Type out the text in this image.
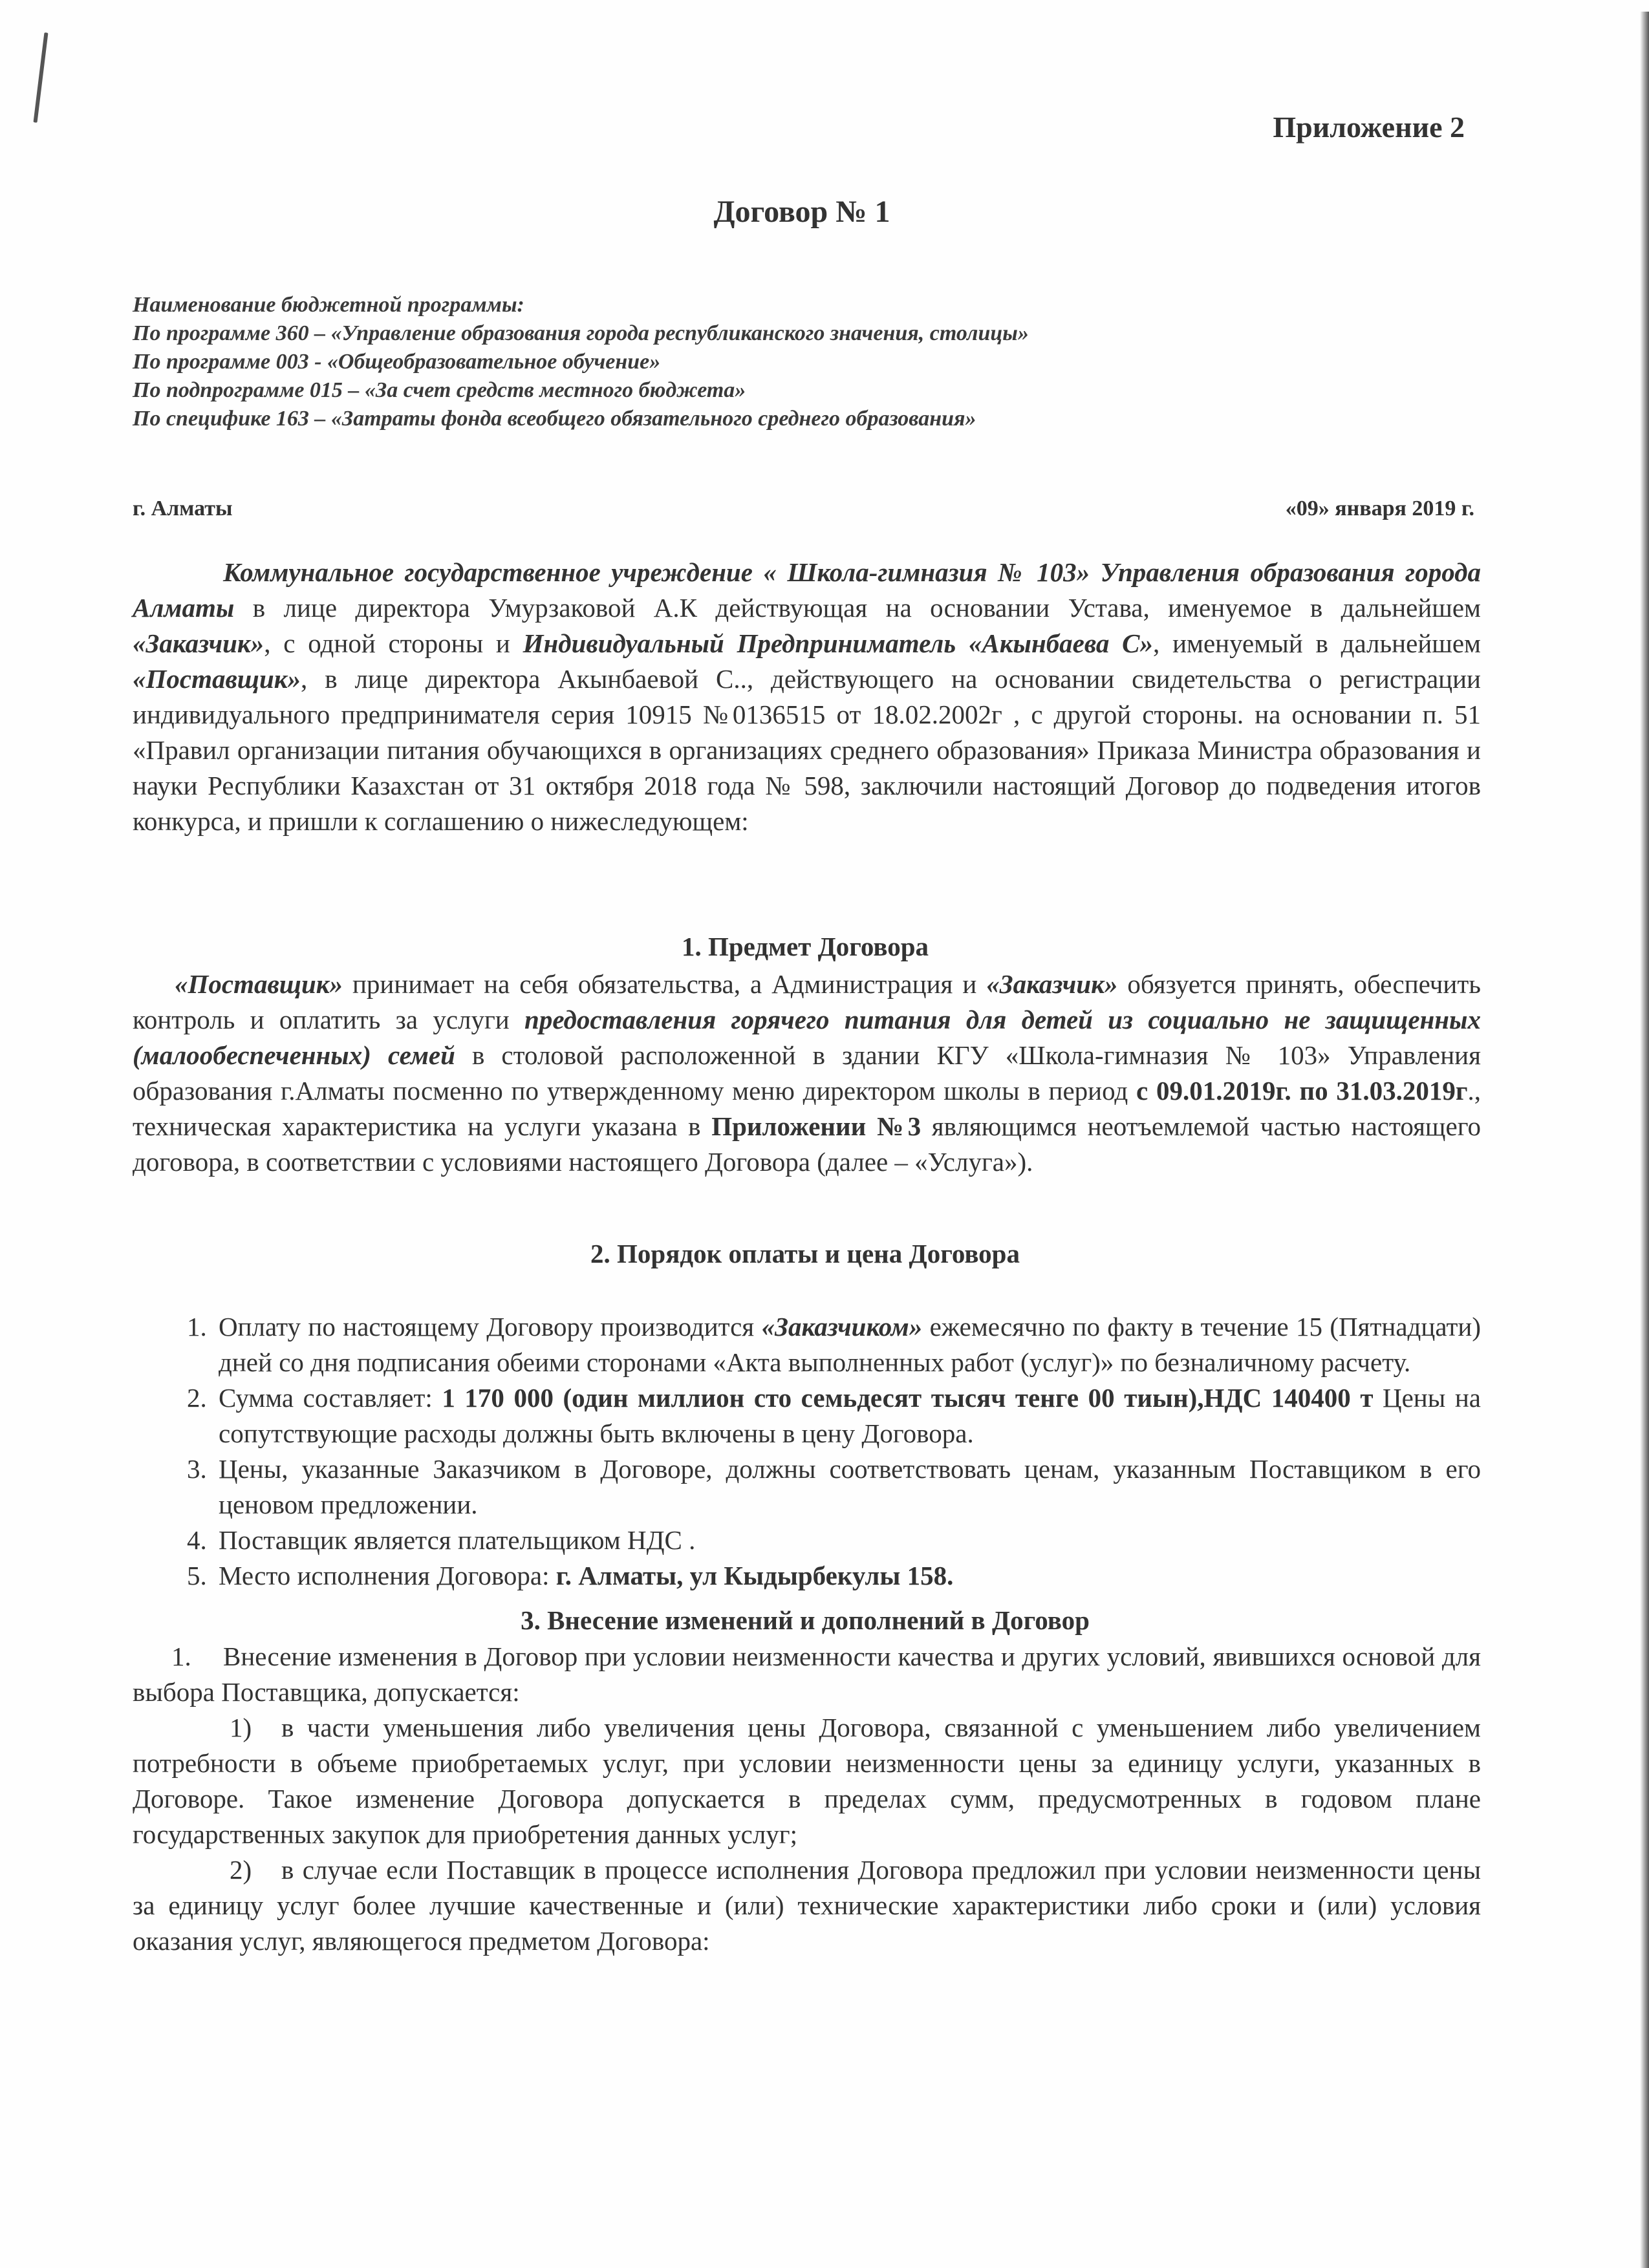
Приложение 2
Договор № 1
Наименование бюджетной программы:
По программе 360 – «Управление образования города республиканского значения, столицы»
По программе 003 - «Общеобразовательное обучение»
По подпрограмме 015 – «За счет средств местного бюджета»
По специфике 163 – «Затраты фонда всеобщего обязательного среднего образования»
г. Алматы	«09» января 2019 г.
Коммунальное государственное учреждение « Школа-гимназия № 103» Управления образования города Алматы в лице директора Умурзаковой А.К действующая на основании Устава, именуемое в дальнейшем «Заказчик», с одной стороны и Индивидуальный Предприниматель «Акынбаева С», именуемый в дальнейшем «Поставщик», в лице директора Акынбаевой С.., действующего на основании свидетельства о регистрации индивидуального предпринимателя серия 10915 №0136515 от 18.02.2002г , с другой стороны. на основании п. 51 «Правил организации питания обучающихся в организациях среднего образования» Приказа Министра образования и науки Республики Казахстан от 31 октября 2018 года № 598, заключили настоящий Договор до подведения итогов конкурса, и пришли к соглашению о нижеследующем:
1. Предмет Договора
«Поставщик» принимает на себя обязательства, а Администрация и «Заказчик» обязуется принять, обеспечить контроль и оплатить за услуги предоставления горячего питания для детей из социально не защищенных (малообеспеченных) семей в столовой расположенной в здании КГУ «Школа-гимназия № 103» Управления образования г.Алматы посменно по утвержденному меню директором школы в период с 09.01.2019г. по 31.03.2019г., техническая характеристика на услуги указана в Приложении №3 являющимся неотъемлемой частью настоящего договора, в соответствии с условиями настоящего Договора (далее – «Услуга»).
2. Порядок оплаты и цена Договора
1. Оплату по настоящему Договору производится «Заказчиком» ежемесячно по факту в течение 15 (Пятнадцати) дней со дня подписания обеими сторонами «Акта выполненных работ (услуг)» по безналичному расчету.
2. Сумма составляет: 1 170 000 (один миллион сто семьдесят тысяч тенге 00 тиын),НДС 140400 т Цены на сопутствующие расходы должны быть включены в цену Договора.
3. Цены, указанные Заказчиком в Договоре, должны соответствовать ценам, указанным Поставщиком в его ценовом предложении.
4. Поставщик является плательщиком НДС .
5. Место исполнения Договора: г. Алматы, ул Кыдырбекулы 158.
3. Внесение изменений и дополнений в Договор
1. Внесение изменения в Договор при условии неизменности качества и других условий, явившихся основой для выбора Поставщика, допускается:
1) в части уменьшения либо увеличения цены Договора, связанной с уменьшением либо увеличением потребности в объеме приобретаемых услуг, при условии неизменности цены за единицу услуги, указанных в Договоре. Такое изменение Договора допускается в пределах сумм, предусмотренных в годовом плане государственных закупок для приобретения данных услуг;
2) в случае если Поставщик в процессе исполнения Договора предложил при условии неизменности цены за единицу услуг более лучшие качественные и (или) технические характеристики либо сроки и (или) условия оказания услуг, являющегося предметом Договора:
